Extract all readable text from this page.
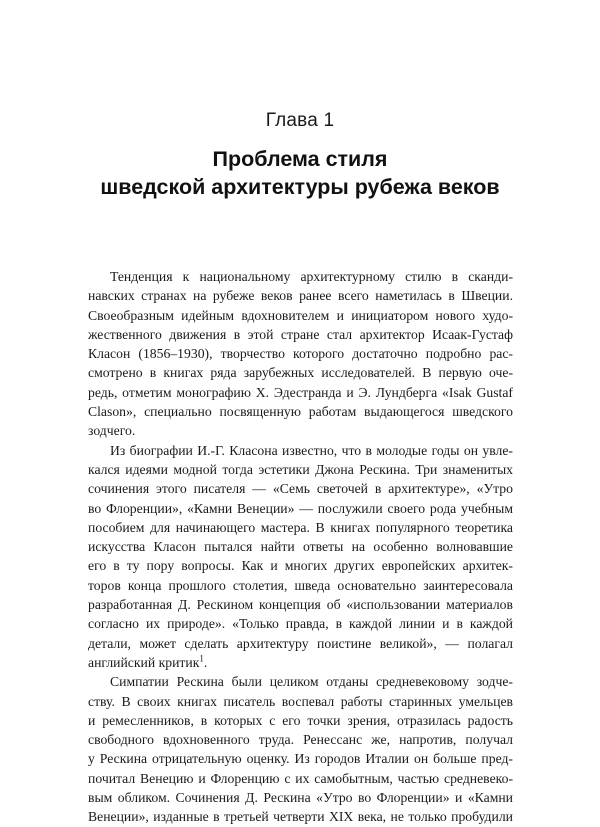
Глава 1
Проблема стиля
шведской архитектуры рубежа веков
Тенденция к национальному архитектурному стилю в сканди-
навских странах на рубеже веков ранее всего наметилась в Швеции.
Своеобразным идейным вдохновителем и инициатором нового худо-
жественного движения в этой стране стал архитектор Исаак-Густаф
Класон (1856–1930), творчество которого достаточно подробно рас-
смотрено в книгах ряда зарубежных исследователей. В первую оче-
редь, отметим монографию Х. Эдестранда и Э. Лундберга «Isak Gustaf
Clason», специально посвященную работам выдающегося шведского
зодчего.
Из биографии И.-Г. Класона известно, что в молодые годы он увле-
кался идеями модной тогда эстетики Джона Рескина. Три знаменитых
сочинения этого писателя — «Семь светочей в архитектуре», «Утро
во Флоренции», «Камни Венеции» — послужили своего рода учебным
пособием для начинающего мастера. В книгах популярного теоретика
искусства Класон пытался найти ответы на особенно волновавшие
его в ту пору вопросы. Как и многих других европейских архитек-
торов конца прошлого столетия, шведа основательно заинтересовала
разработанная Д. Рескином концепция об «использовании материалов
согласно их природе». «Только правда, в каждой линии и в каждой
детали, может сделать архитектуру поистине великой», — полагал
английский критик$^1$.
Симпатии Рескина были целиком отданы средневековому зодче-
ству. В своих книгах писатель воспевал работы старинных умельцев
и ремесленников, в которых с его точки зрения, отразилась радость
свободного вдохновенного труда. Ренессанс же, напротив, получал
у Рескина отрицательную оценку. Из городов Италии он больше пред-
почитал Венецию и Флоренцию с их самобытным, частью средневеко-
вым обликом. Сочинения Д. Рескина «Утро во Флоренции» и «Камни
Венеции», изданные в третьей четверти XIX века, не только пробудили
